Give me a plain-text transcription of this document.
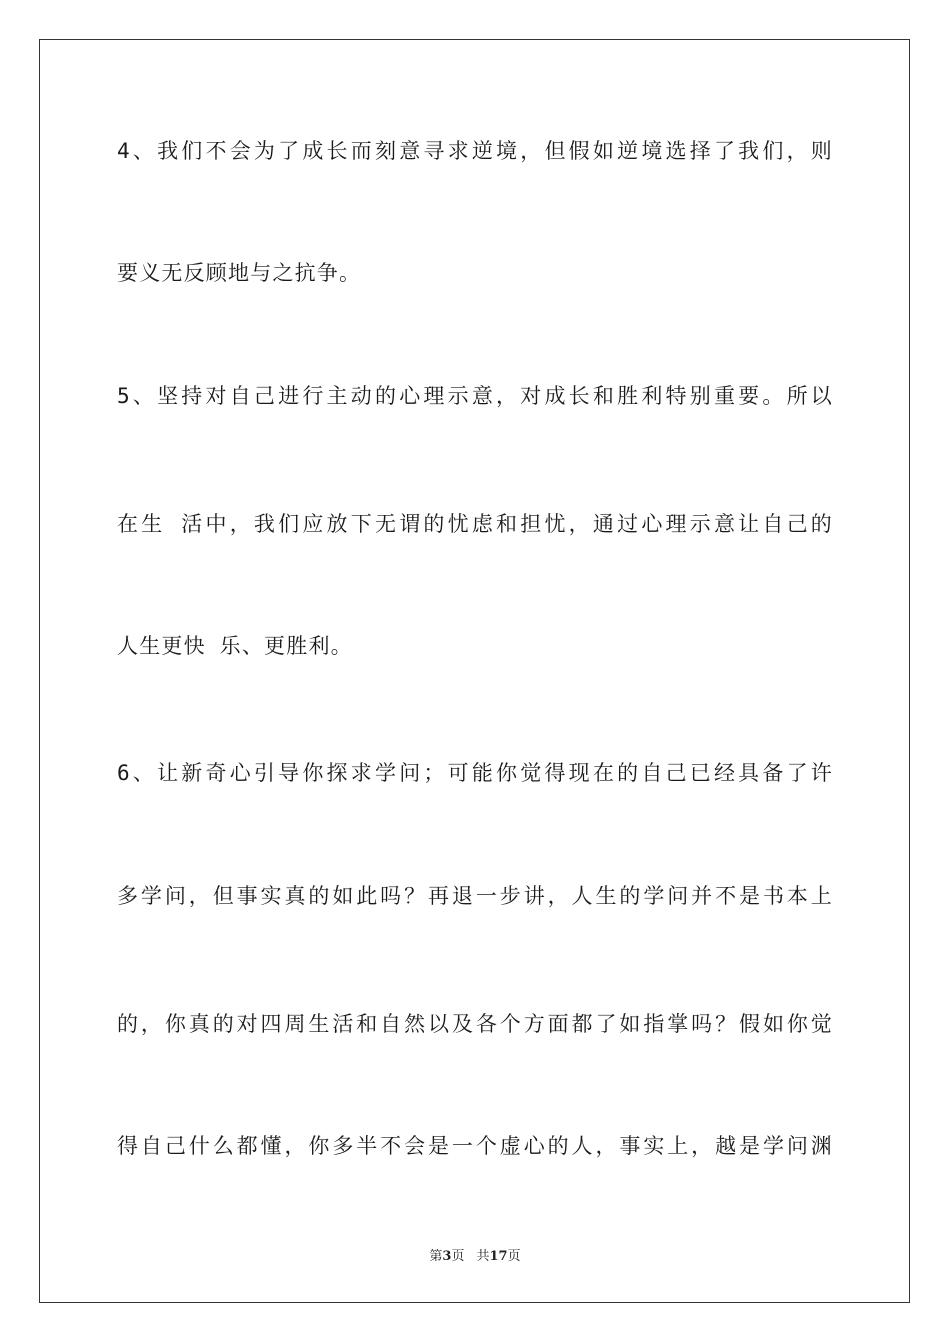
4、我们不会为了成长而刻意寻求逆境，但假如逆境选择了我们，则
要义无反顾地与之抗争。
5、坚持对自己进行主动的心理示意，对成长和胜利特别重要。所以
在生 活中，我们应放下无谓的忧虑和担忧，通过心理示意让自己的
人生更快 乐、更胜利。
6、让新奇心引导你探求学问；可能你觉得现在的自己已经具备了许
多学问，但事实真的如此吗？再退一步讲，人生的学问并不是书本上
的，你真的对四周生活和自然以及各个方面都了如指掌吗？假如你觉
得自己什么都懂，你多半不会是一个虚心的人，事实上，越是学问渊
第3页 共17页
